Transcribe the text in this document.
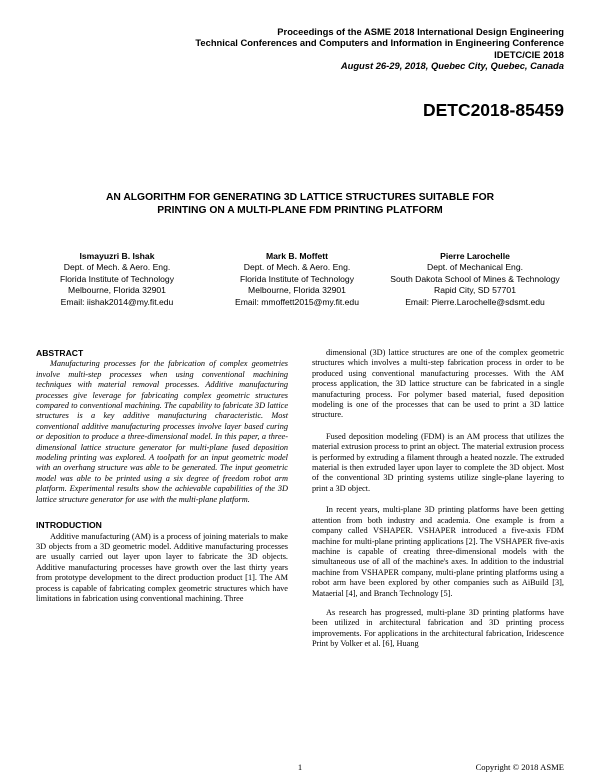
Proceedings of the ASME 2018 International Design Engineering
Technical Conferences and Computers and Information in Engineering Conference
IDETC/CIE 2018
August 26-29, 2018, Quebec City, Quebec, Canada
DETC2018-85459
AN ALGORITHM FOR GENERATING 3D LATTICE STRUCTURES SUITABLE FOR
PRINTING ON A MULTI-PLANE FDM PRINTING PLATFORM
Ismayuzri B. Ishak
Dept. of Mech. & Aero. Eng.
Florida Institute of Technology
Melbourne, Florida 32901
Email: iishak2014@my.fit.edu
Mark B. Moffett
Dept. of Mech. & Aero. Eng.
Florida Institute of Technology
Melbourne, Florida 32901
Email: mmoffett2015@my.fit.edu
Pierre Larochelle
Dept. of Mechanical Eng.
South Dakota School of Mines & Technology
Rapid City, SD 57701
Email: Pierre.Larochelle@sdsmt.edu
ABSTRACT

Manufacturing processes for the fabrication of complex geometries involve multi-step processes when using conventional machining techniques with material removal processes. Additive manufacturing processes give leverage for fabricating complex geometric structures compared to conventional machining. The capability to fabricate 3D lattice structures is a key additive manufacturing characteristic. Most conventional additive manufacturing processes involve layer based curing or deposition to produce a three-dimensional model. In this paper, a three-dimensional lattice structure generator for multi-plane fused deposition modeling printing was explored. A toolpath for an input geometric model with an overhang structure was able to be generated. The input geometric model was able to be printed using a six degree of freedom robot arm platform. Experimental results show the achievable capabilities of the 3D lattice structure generator for use with the multi-plane platform.

INTRODUCTION

Additive manufacturing (AM) is a process of joining materials to make 3D objects from a 3D geometric model. Additive manufacturing processes are usually carried out layer upon layer to fabricate the 3D objects. Additive manufacturing processes have growth over the last thirty years from prototype development to the direct production product [1]. The AM process is capable of fabricating complex geometric structures which have limitations in fabrication using conventional machining. Three

dimensional (3D) lattice structures are one of the complex geometric structures which involves a multi-step fabrication process in order to be produced using conventional manufacturing processes. With the AM process application, the 3D lattice structure can be fabricated in a single manufacturing process. For polymer based material, fused deposition modeling is one of the processes that can be used to print a 3D lattice structure.

Fused deposition modeling (FDM) is an AM process that utilizes the material extrusion process to print an object. The material extrusion process is performed by extruding a filament through a heated nozzle. The extruded material is then extruded layer upon layer to complete the 3D object. Most of the conventional 3D printing systems utilize single-plane layering to print a 3D object.

In recent years, multi-plane 3D printing platforms have been getting attention from both industry and academia. One example is from a company called VSHAPER. VSHAPER introduced a five-axis FDM machine for multi-plane printing applications [2]. The VSHAPER five-axis machine is capable of creating three-dimensional models with the simultaneous use of all of the machine's axes. In addition to the industrial machine from VSHAPER company, multi-plane printing platforms using a robot arm have been explored by other companies such as AiBuild [3], Mataerial [4], and Branch Technology [5].

As research has progressed, multi-plane 3D printing platforms have been utilized in architectural fabrication and 3D printing process improvements. For applications in the architectural fabrication, Iridescence Print by Volker et al. [6], Huang

1	Copyright © 2018 ASME
